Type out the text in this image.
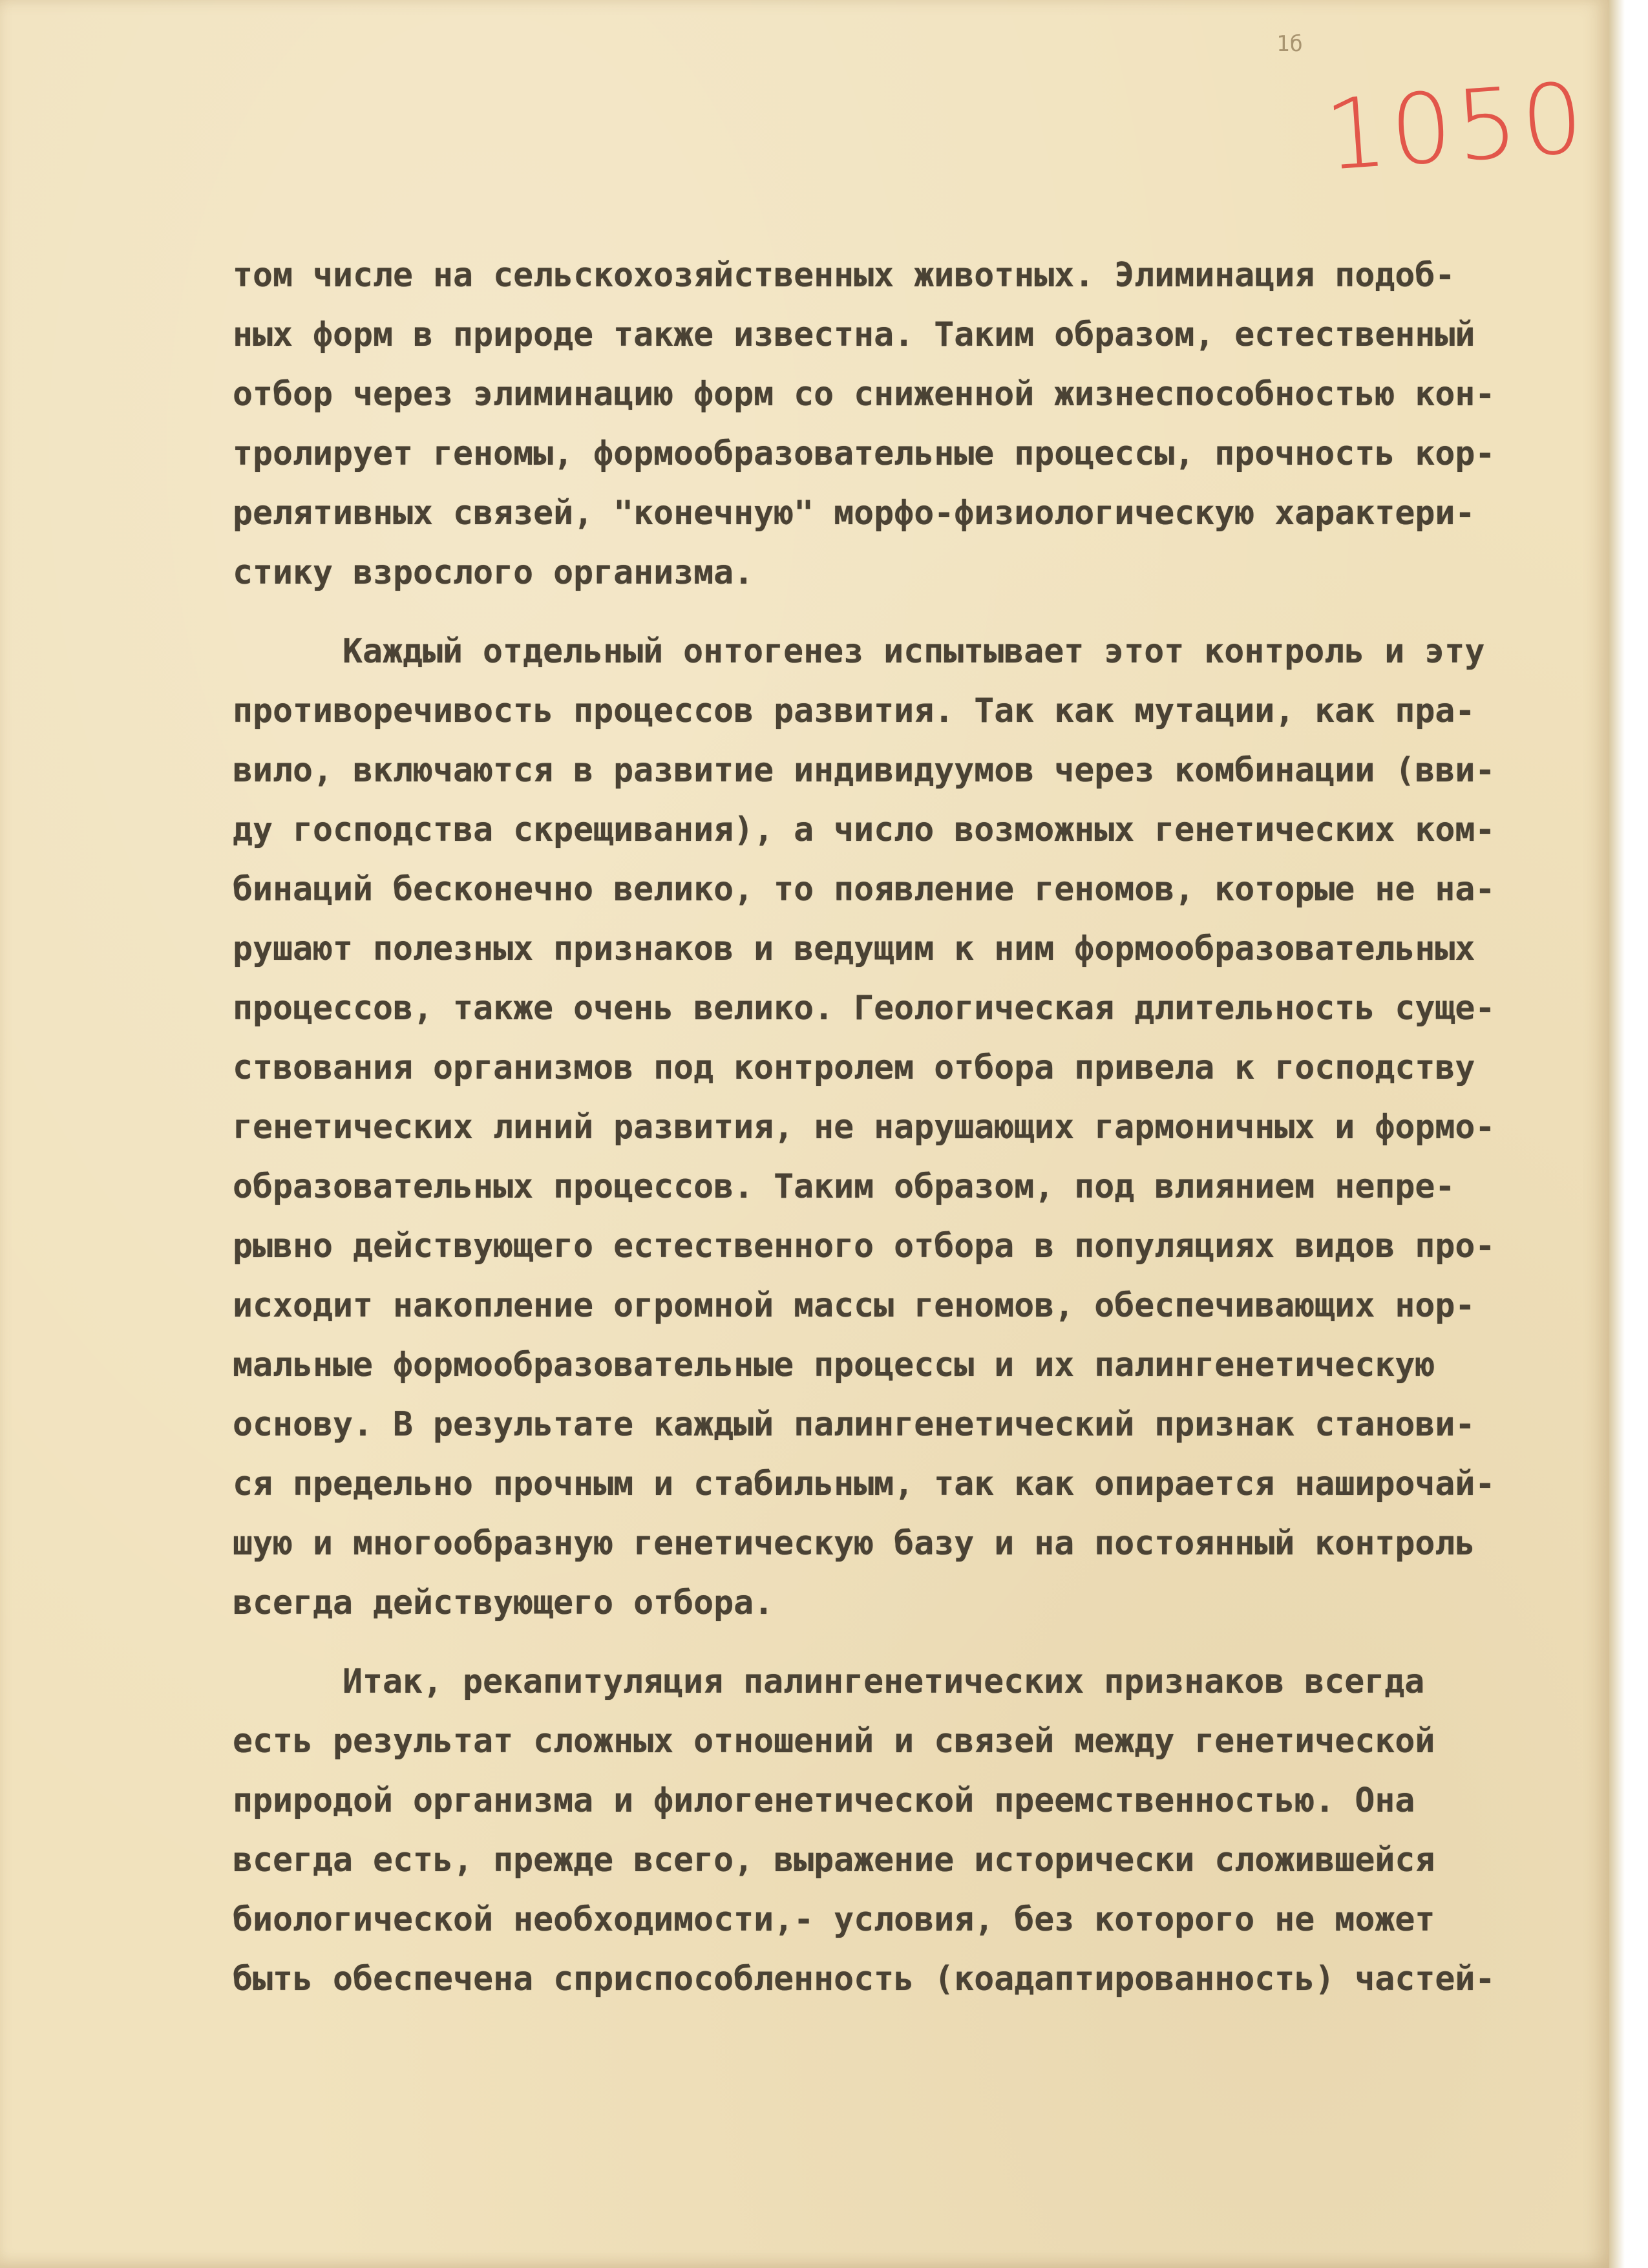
1б
1050
том числе на сельскохозяйственных животных. Элиминация подоб-
ных форм в природе также известна. Таким образом, естественный
отбор через элиминацию форм со сниженной жизнеспособностью кон-
тролирует геномы, формообразовательные процессы, прочность кор-
релятивных связей, "конечную" морфо-физиологическую характери-
стику взрослого организма.
Каждый отдельный онтогенез испытывает этот контроль и эту
противоречивость процессов развития. Так как мутации, как пра-
вило, включаются в развитие индивидуумов через комбинации (вви-
ду господства скрещивания), а число возможных генетических ком-
бинаций бесконечно велико, то появление геномов, которые не на-
рушают полезных признаков и ведущим к ним формообразовательных
процессов, также очень велико. Геологическая длительность суще-
ствования организмов под контролем отбора привела к господству
генетических линий развития, не нарушающих гармоничных и формо-
образовательных процессов. Таким образом, под влиянием непре-
рывно действующего естественного отбора в популяциях видов про-
исходит накопление огромной массы геномов, обеспечивающих нор-
мальные формообразовательные процессы и их палингенетическую
основу. В результате каждый палингенетический признак станови-
ся предельно прочным и стабильным, так как опирается наширочай-
шую и многообразную генетическую базу и на постоянный контроль
всегда действующего отбора.
Итак, рекапитуляция палингенетических признаков всегда
есть результат сложных отношений и связей между генетической
природой организма и филогенетической преемственностью. Она
всегда есть, прежде всего, выражение исторически сложившейся
биологической необходимости,- условия, без которого не может
быть обеспечена сприспособленность (коадаптированность) частей-
